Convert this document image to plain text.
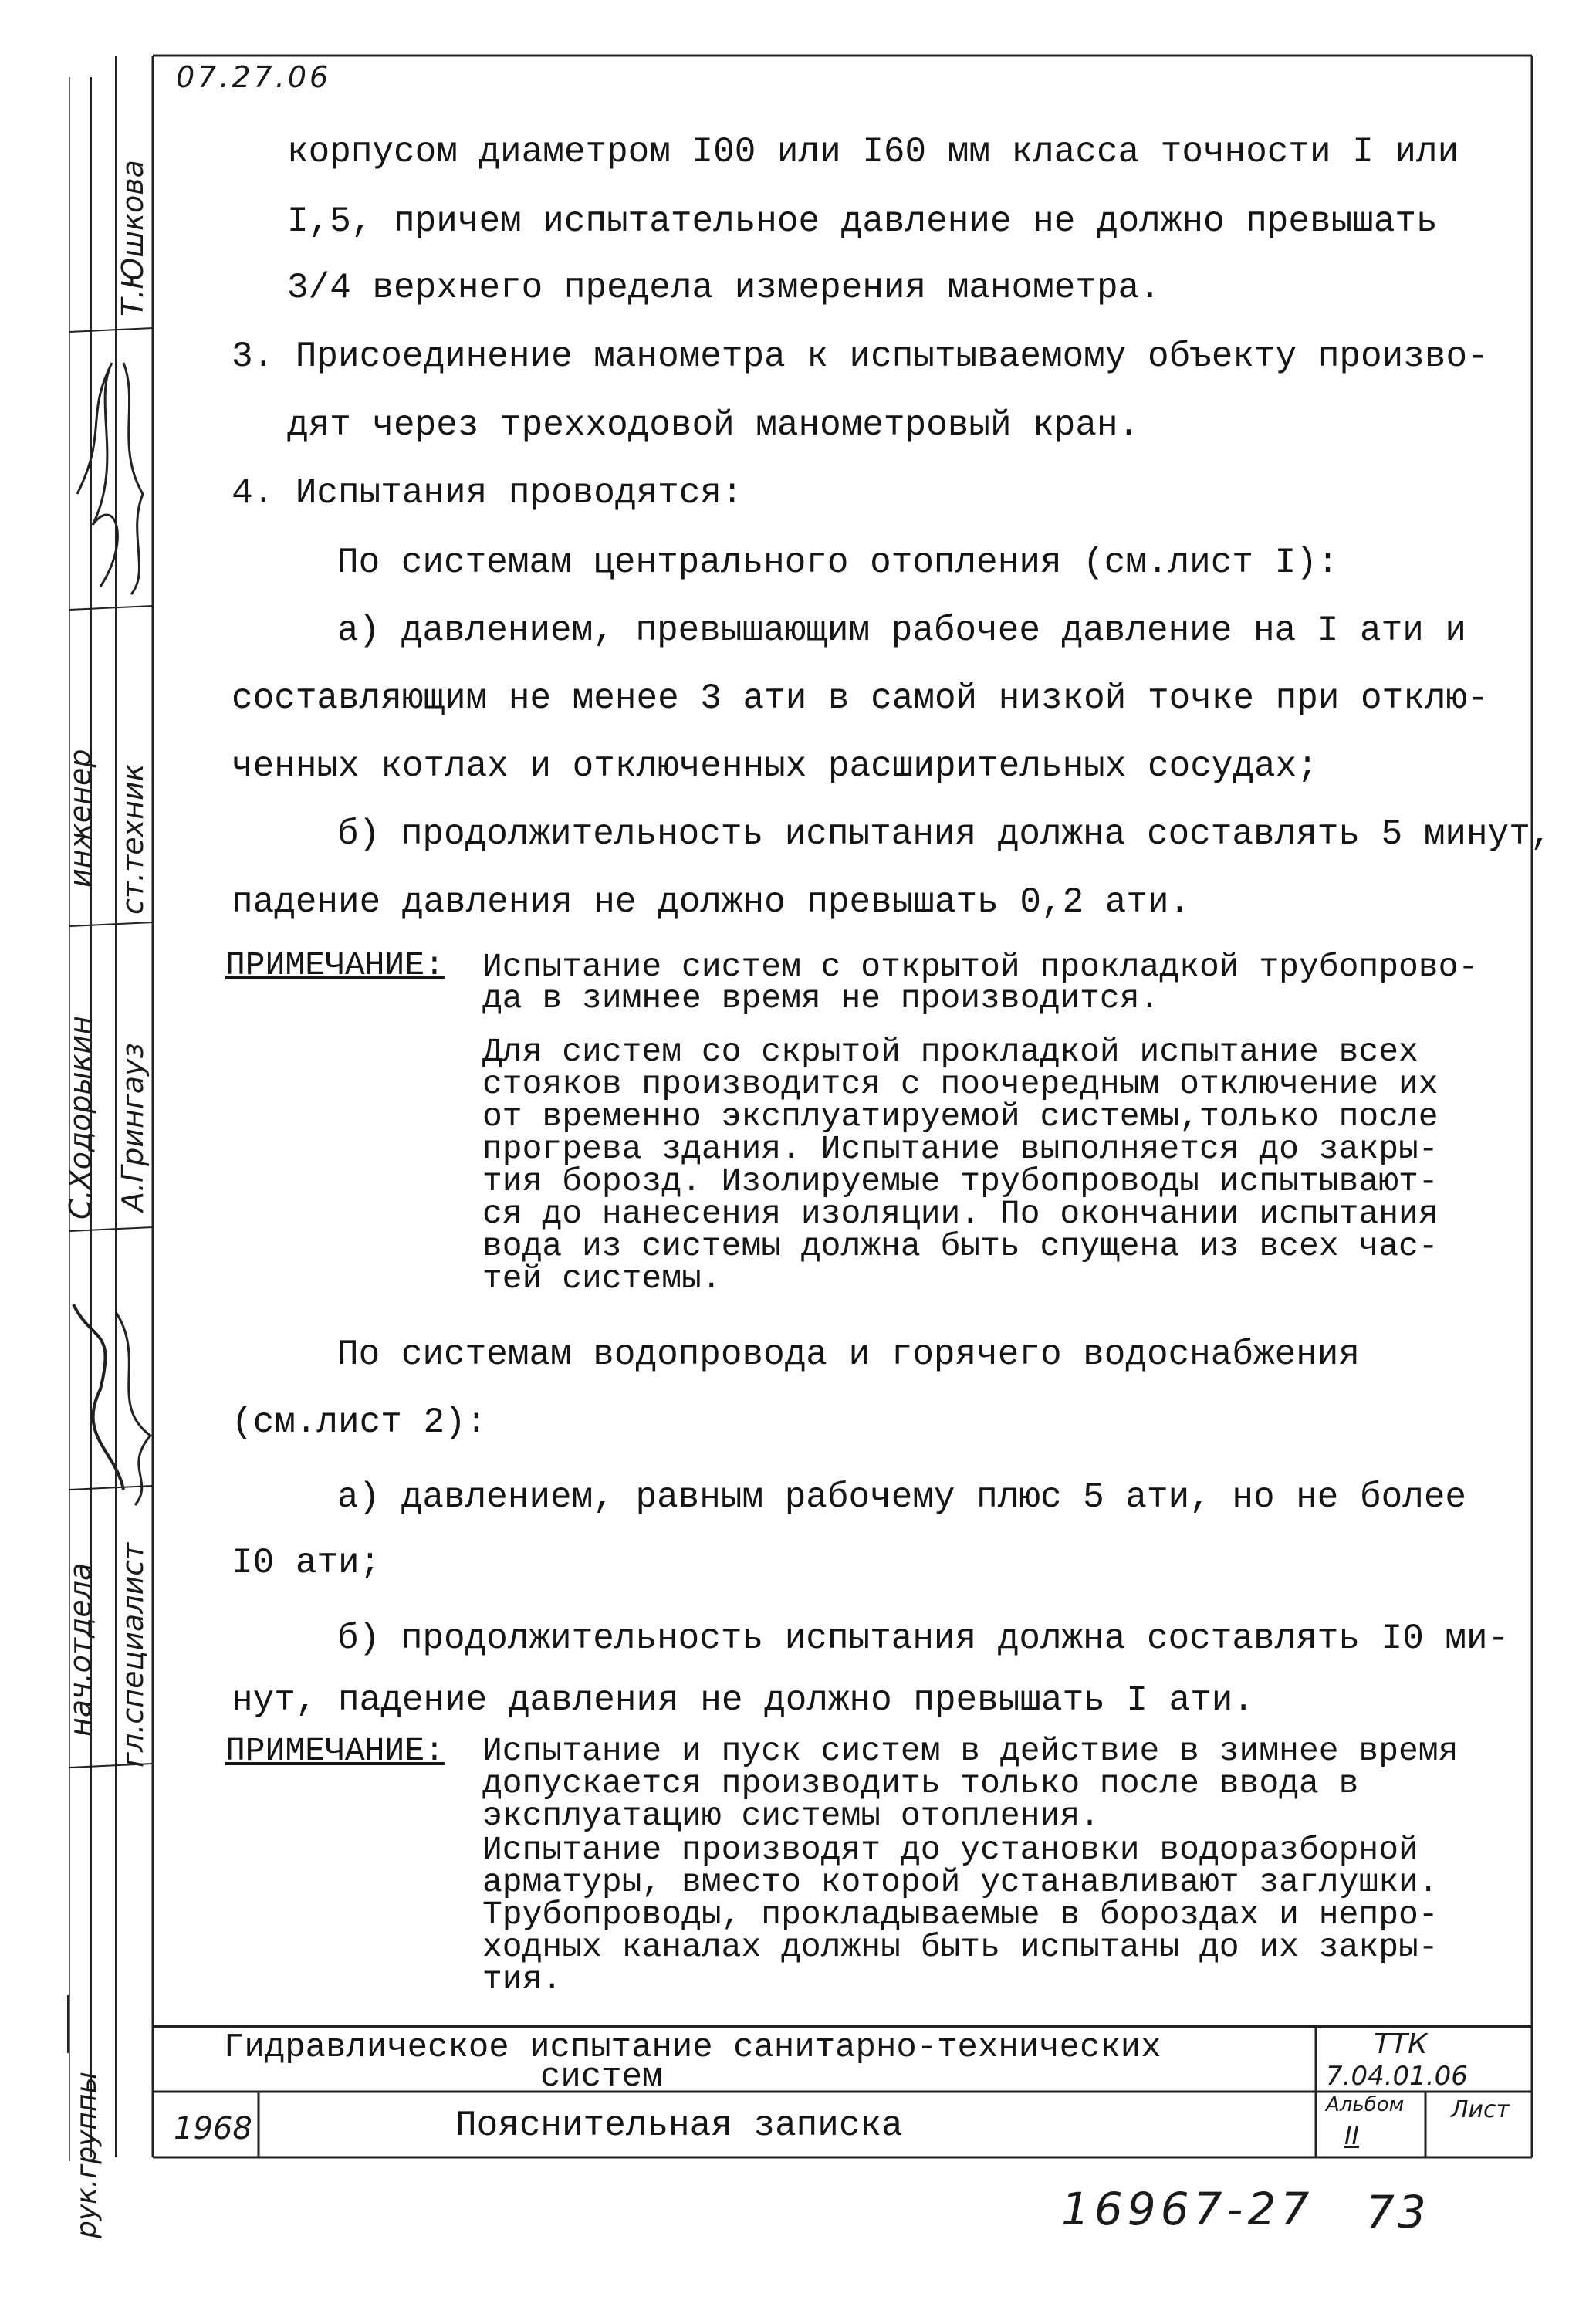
07.27.06
корпусом диаметром I00 или I60 мм класса точности I или
I,5, причем испытательное давление не должно превышать
3/4 верхнего предела измерения манометра.
3. Присоединение манометра к испытываемому объекту произво-
дят через трехходовой манометровый кран.
4. Испытания проводятся:
По системам центрального отопления (см.лист I):
а) давлением, превышающим рабочее давление на I ати и
составляющим не менее 3 ати в самой низкой точке при отклю-
ченных котлах и отключенных расширительных сосудах;
б) продолжительность испытания должна составлять 5 минут,
падение давления не должно превышать 0,2 ати.
ПРИМЕЧАНИЕ: Испытание систем с открытой прокладкой трубопрово-
да в зимнее время не производится.
Для систем со скрытой прокладкой испытание всех
стояков производится с поочередным отключение их
от временно эксплуатируемой системы,только после
прогрева здания. Испытание выполняется до закры-
тия борозд. Изолируемые трубопроводы испытывают-
ся до нанесения изоляции. По окончании испытания
вода из системы должна быть спущена из всех час-
тей системы.
По системам водопровода и горячего водоснабжения
(см.лист 2):
а) давлением, равным рабочему плюс 5 ати, но не более
I0 ати;
б) продолжительность испытания должна составлять I0 ми-
нут, падение давления не должно превышать I ати.
ПРИМЕЧАНИЕ: Испытание и пуск систем в действие в зимнее время
допускается производить только после ввода в
эксплуатацию системы отопления.
Испытание производят до установки водоразборной
арматуры, вместо которой устанавливают заглушки.
Трубопроводы, прокладываемые в бороздах и непро-
ходных каналах должны быть испытаны до их закры-
тия.
Гидравлическое испытание санитарно-технических
систем
ТТК
7.04.01.06
1968	Пояснительная записка
Альбом
II
Лист
16967-27 73
нач.отдела гл.специалист
ст.техник
инженер
рук.группы
Т.Юшкова
А.Грингауз
С.Ходорыкин
